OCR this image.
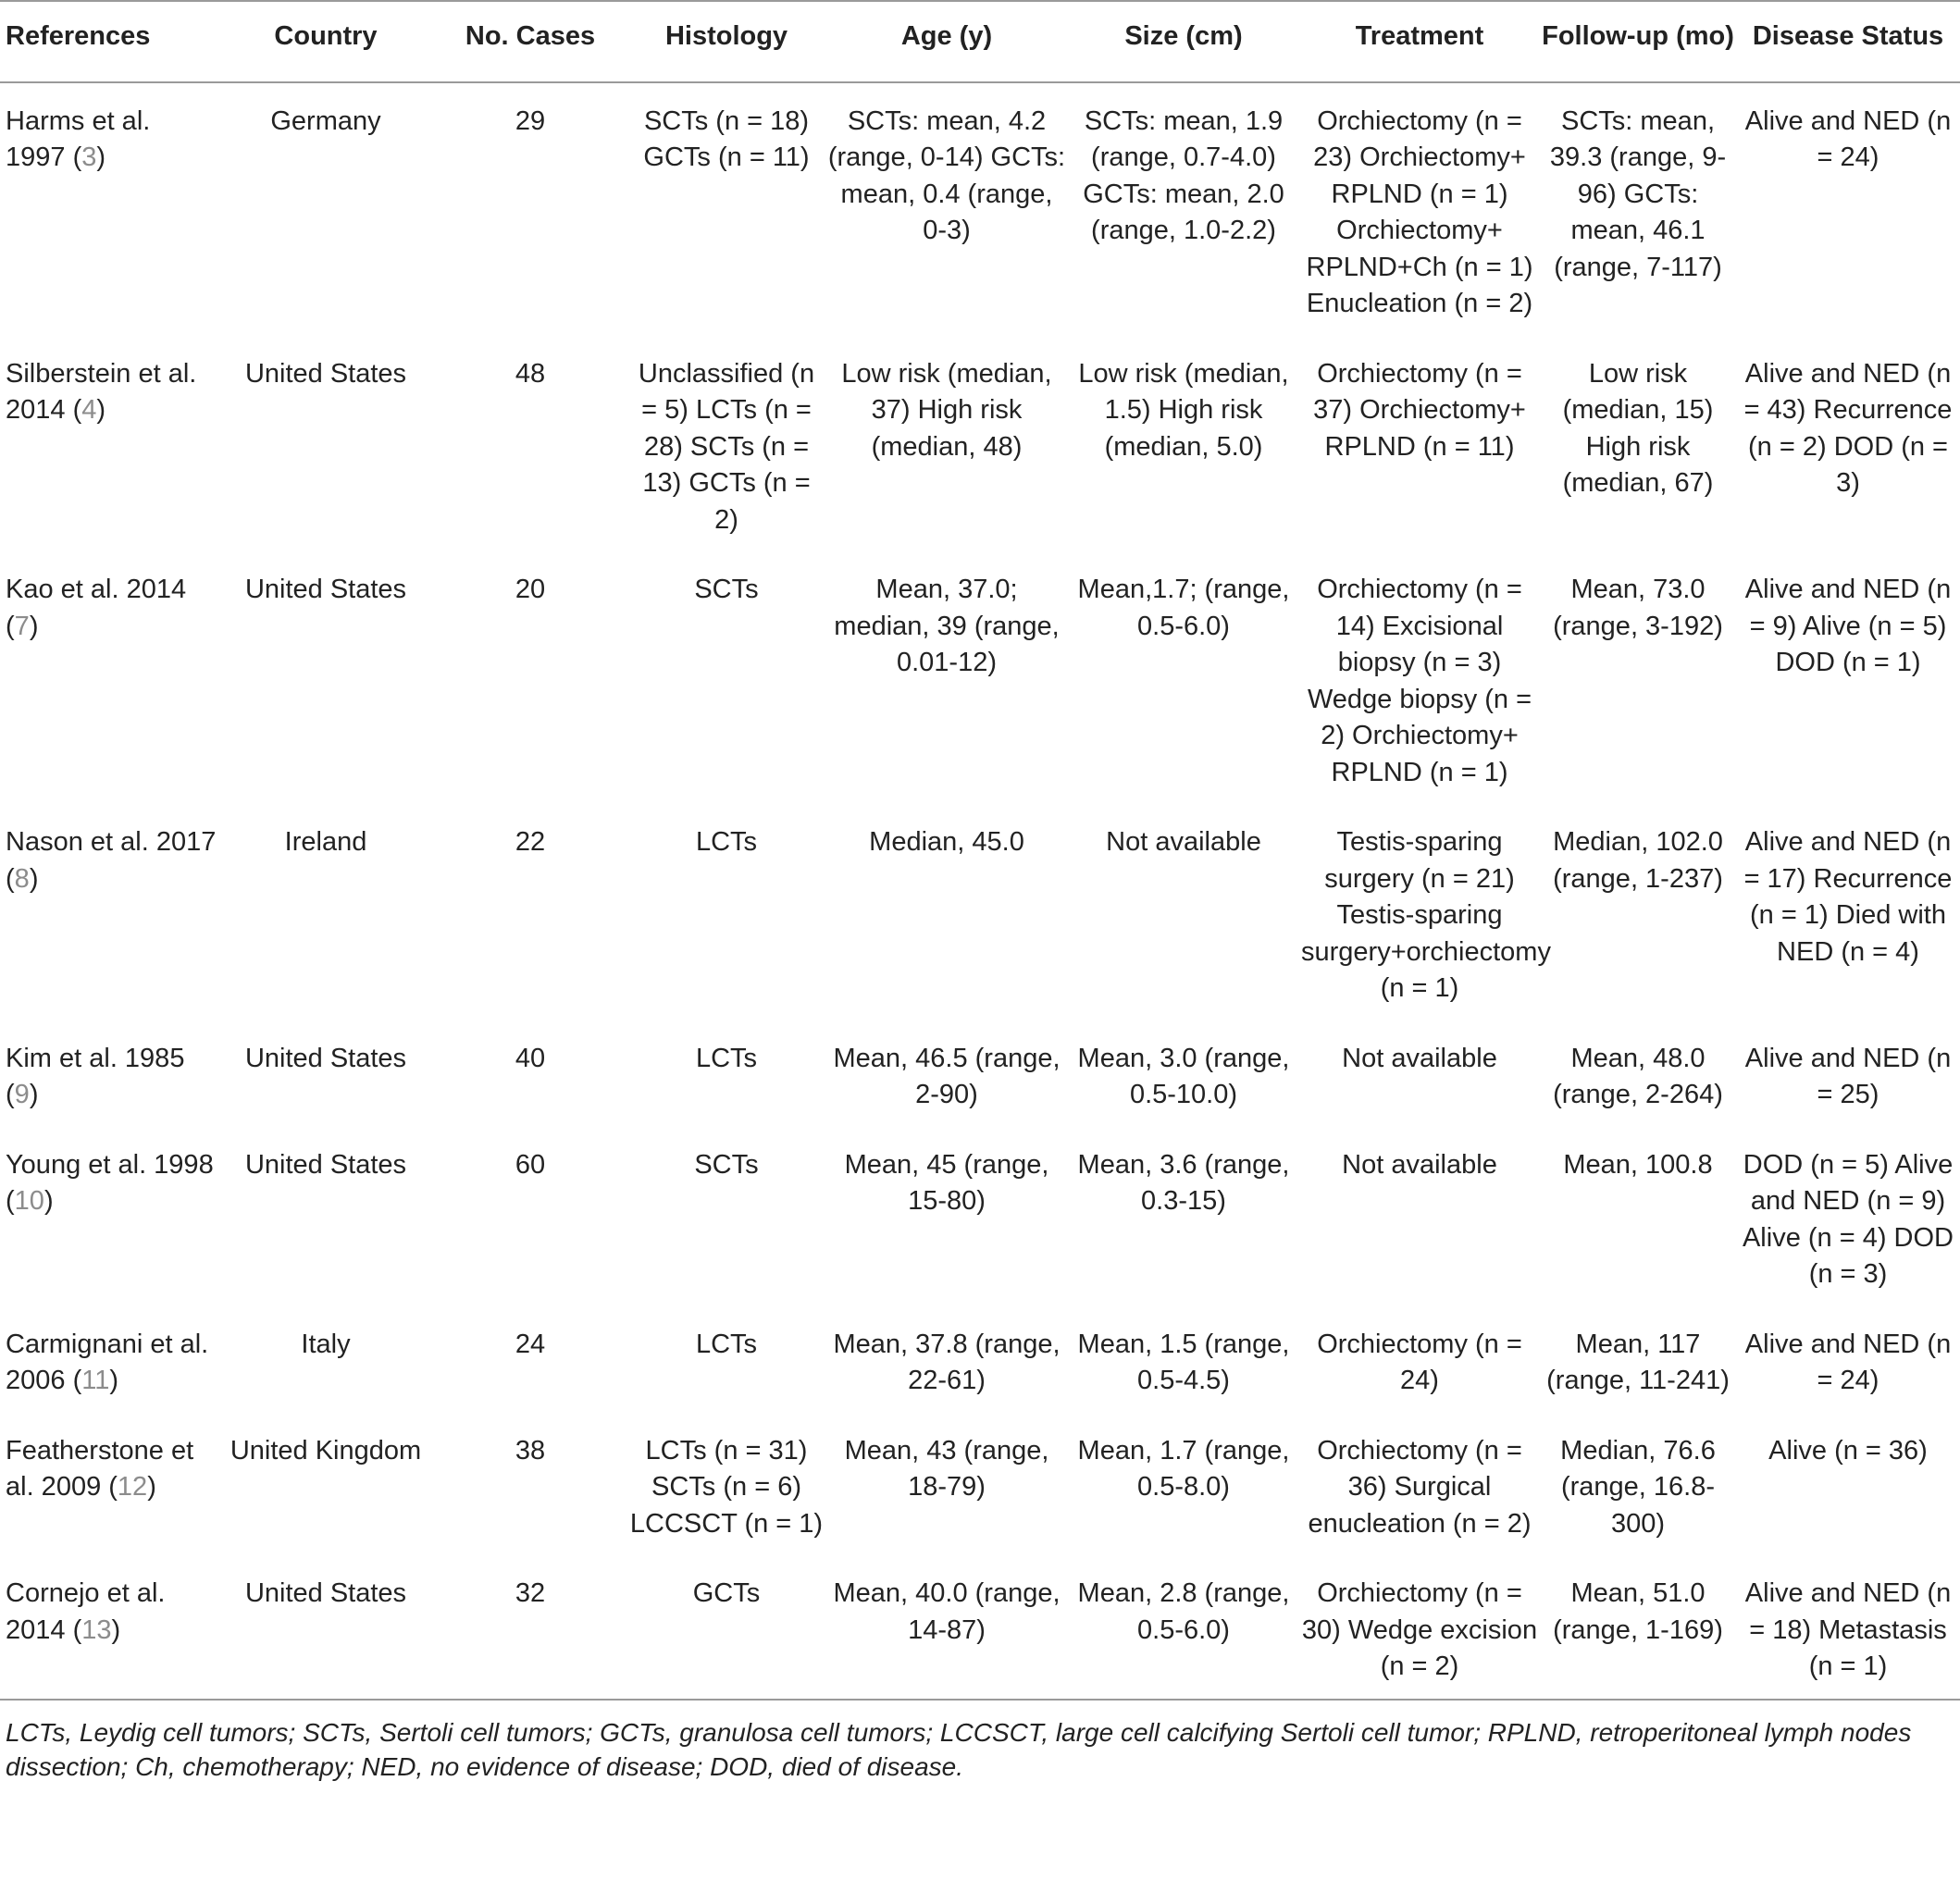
References	Country	No. Cases	Histology	Age (y)	Size (cm)	Treatment	Follow-up (mo)	Disease Status
Harms et al. 1997 (3)	Germany	29	SCTs (n = 18) GCTs (n = 11)	SCTs: mean, 4.2 (range, 0-14) GCTs: mean, 0.4 (range, 0-3)	SCTs: mean, 1.9 (range, 0.7-4.0) GCTs: mean, 2.0 (range, 1.0-2.2)	Orchiectomy (n = 23) Orchiectomy+ RPLND (n = 1) Orchiectomy+ RPLND+Ch (n = 1) Enucleation (n = 2)	SCTs: mean, 39.3 (range, 9-96) GCTs: mean, 46.1 (range, 7-117)	Alive and NED (n = 24)
Silberstein et al. 2014 (4)	United States	48	Unclassified (n = 5) LCTs (n = 28) SCTs (n = 13) GCTs (n = 2)	Low risk (median, 37) High risk (median, 48)	Low risk (median, 1.5) High risk (median, 5.0)	Orchiectomy (n = 37) Orchiectomy+ RPLND (n = 11)	Low risk (median, 15) High risk (median, 67)	Alive and NED (n = 43) Recurrence (n = 2) DOD (n = 3)
Kao et al. 2014 (7)	United States	20	SCTs	Mean, 37.0; median, 39 (range, 0.01-12)	Mean,1.7; (range, 0.5-6.0)	Orchiectomy (n = 14) Excisional biopsy (n = 3) Wedge biopsy (n = 2) Orchiectomy+ RPLND (n = 1)	Mean, 73.0 (range, 3-192)	Alive and NED (n = 9) Alive (n = 5) DOD (n = 1)
Nason et al. 2017 (8)	Ireland	22	LCTs	Median, 45.0	Not available	Testis-sparing surgery (n = 21) Testis-sparing surgery+orchiectomy (n = 1)	Median, 102.0 (range, 1-237)	Alive and NED (n = 17) Recurrence (n = 1) Died with NED (n = 4)
Kim et al. 1985 (9)	United States	40	LCTs	Mean, 46.5 (range, 2-90)	Mean, 3.0 (range, 0.5-10.0)	Not available	Mean, 48.0 (range, 2-264)	Alive and NED (n = 25)
Young et al. 1998 (10)	United States	60	SCTs	Mean, 45 (range, 15-80)	Mean, 3.6 (range, 0.3-15)	Not available	Mean, 100.8	DOD (n = 5) Alive and NED (n = 9) Alive (n = 4) DOD (n = 3)
Carmignani et al. 2006 (11)	Italy	24	LCTs	Mean, 37.8 (range, 22-61)	Mean, 1.5 (range, 0.5-4.5)	Orchiectomy (n = 24)	Mean, 117 (range, 11-241)	Alive and NED (n = 24)
Featherstone et al. 2009 (12)	United Kingdom	38	LCTs (n = 31) SCTs (n = 6) LCCSCT (n = 1)	Mean, 43 (range, 18-79)	Mean, 1.7 (range, 0.5-8.0)	Orchiectomy (n = 36) Surgical enucleation (n = 2)	Median, 76.6 (range, 16.8-300)	Alive (n = 36)
Cornejo et al. 2014 (13)	United States	32	GCTs	Mean, 40.0 (range, 14-87)	Mean, 2.8 (range, 0.5-6.0)	Orchiectomy (n = 30) Wedge excision (n = 2)	Mean, 51.0 (range, 1-169)	Alive and NED (n = 18) Metastasis (n = 1)
LCTs, Leydig cell tumors; SCTs, Sertoli cell tumors; GCTs, granulosa cell tumors; LCCSCT, large cell calcifying Sertoli cell tumor; RPLND, retroperitoneal lymph nodes dissection; Ch, chemotherapy; NED, no evidence of disease; DOD, died of disease.
